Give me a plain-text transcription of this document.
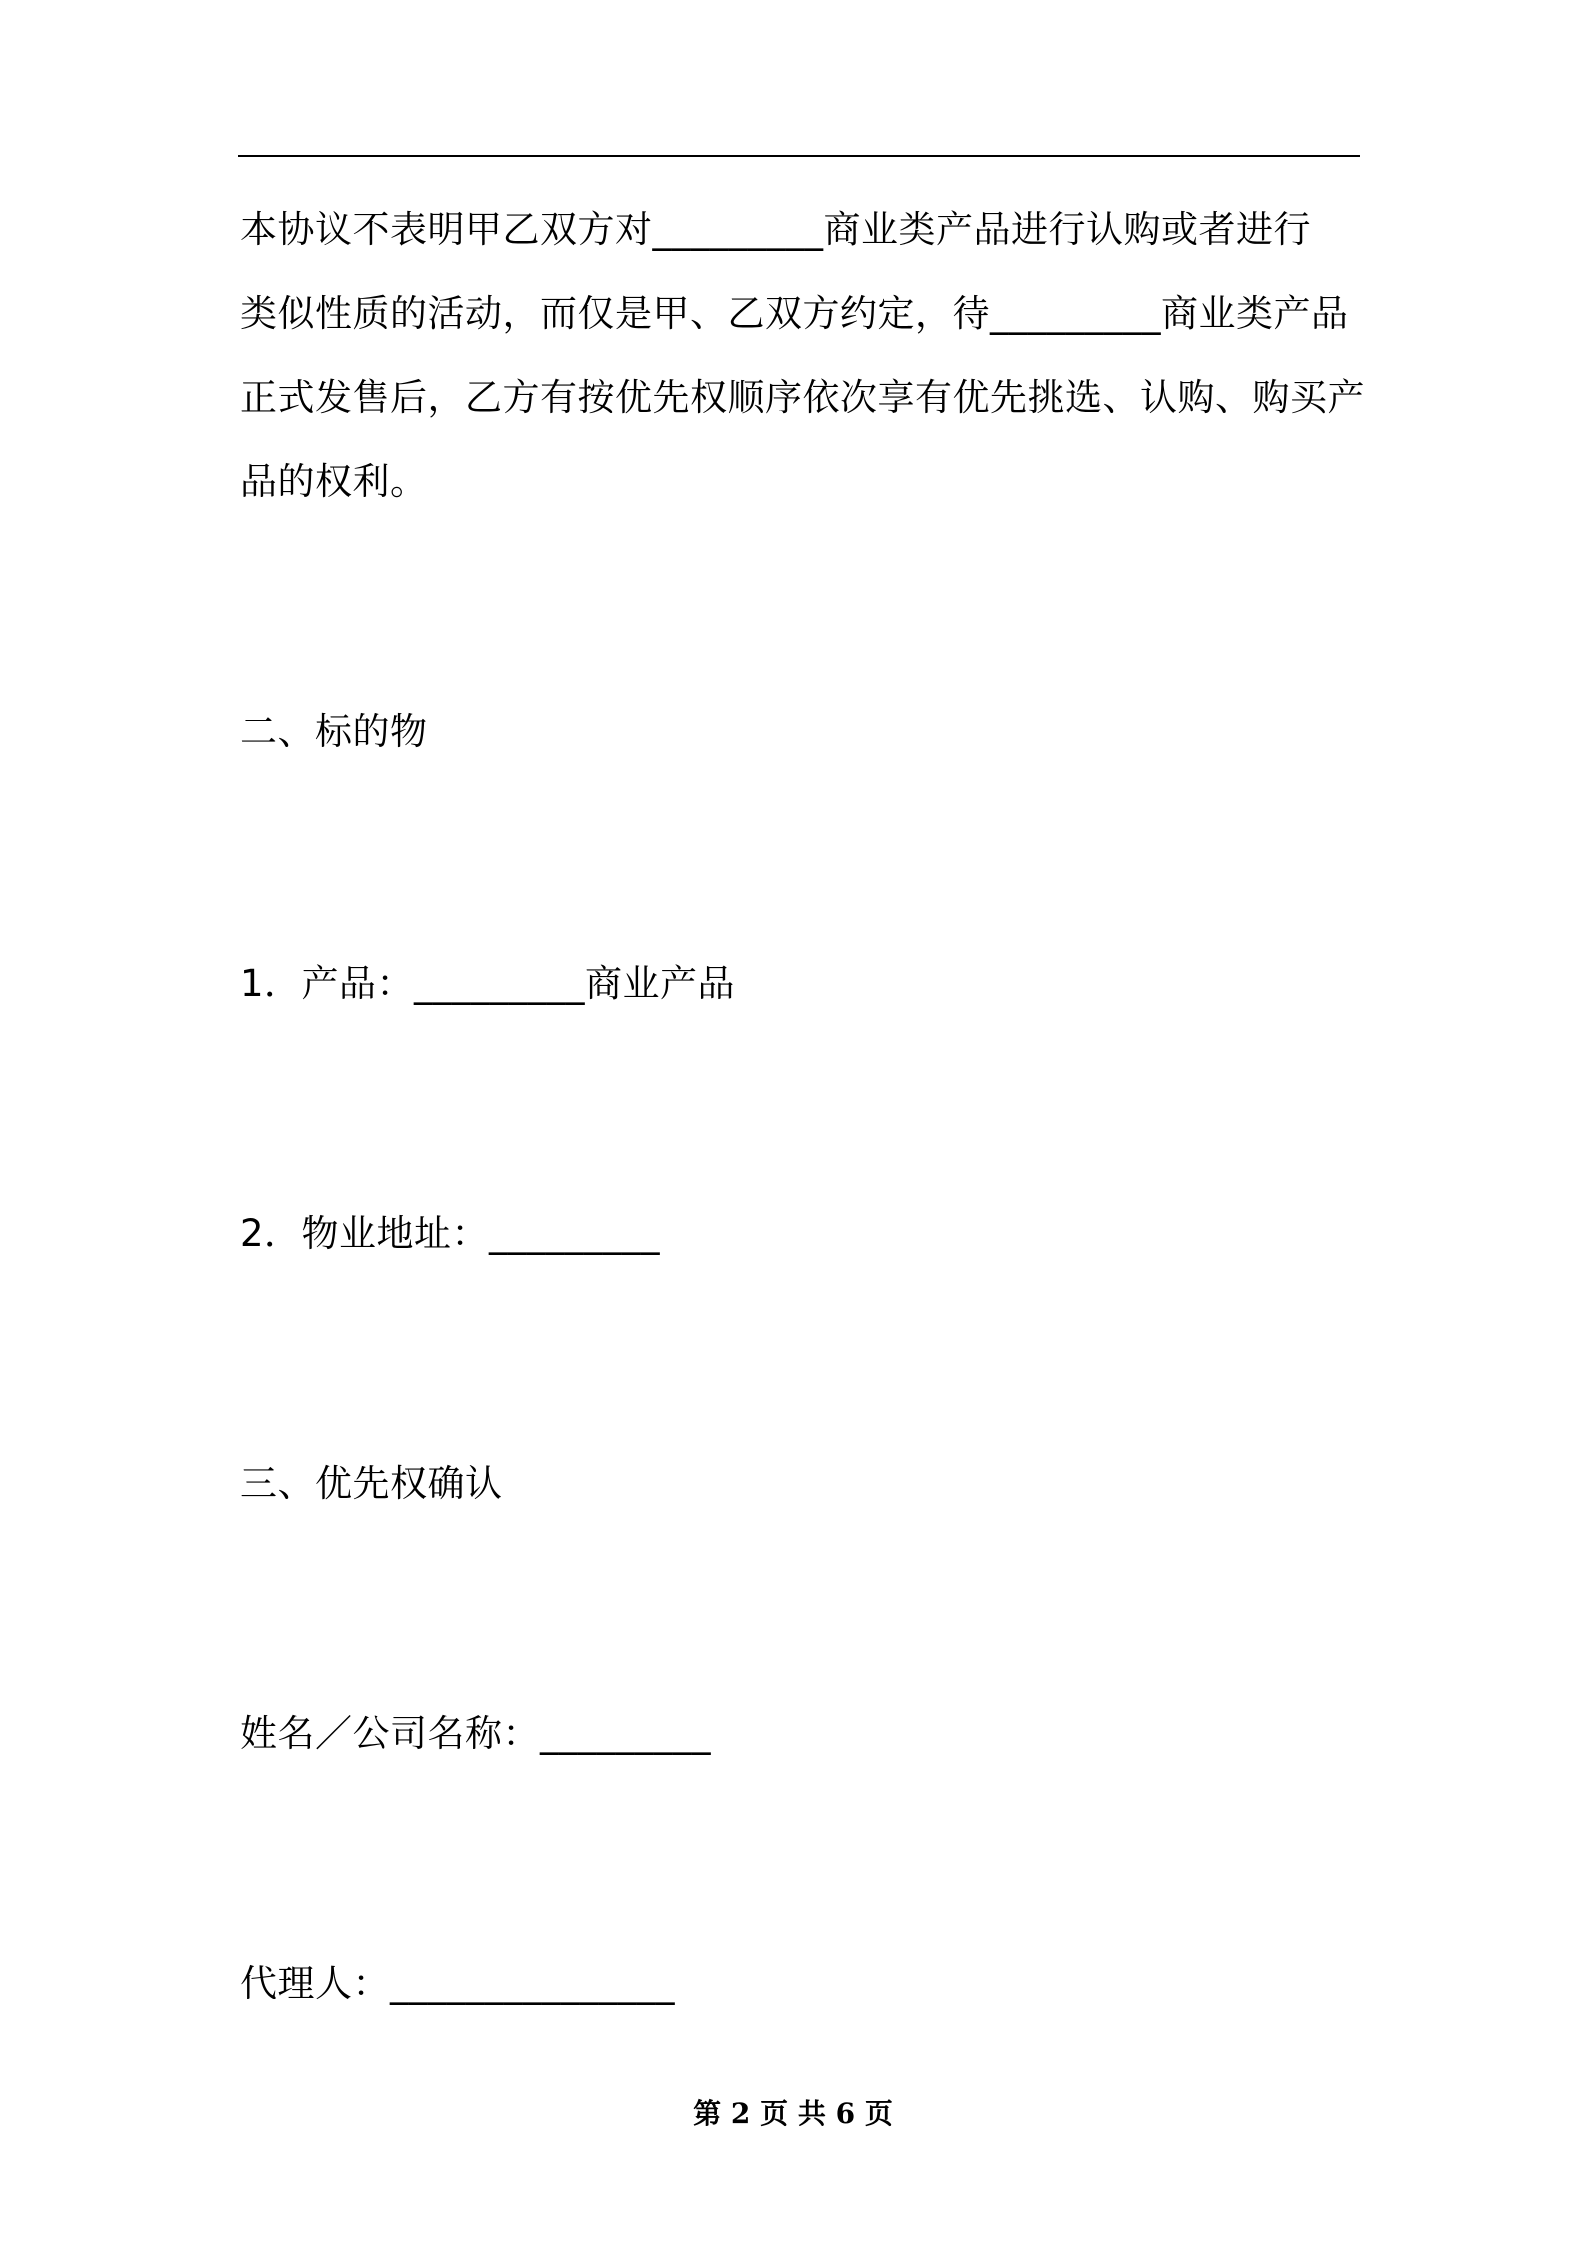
本协议不表明甲乙双方对_________商业类产品进行认购或者进行
类似性质的活动，而仅是甲、乙双方约定，待_________商业类产品
正式发售后，乙方有按优先权顺序依次享有优先挑选、认购、购买产
品的权利。
二、标的物
1．产品：_________商业产品
2．物业地址：_________
三、优先权确认
姓名／公司名称：_________
代理人：_______________
第 2 页 共 6 页
